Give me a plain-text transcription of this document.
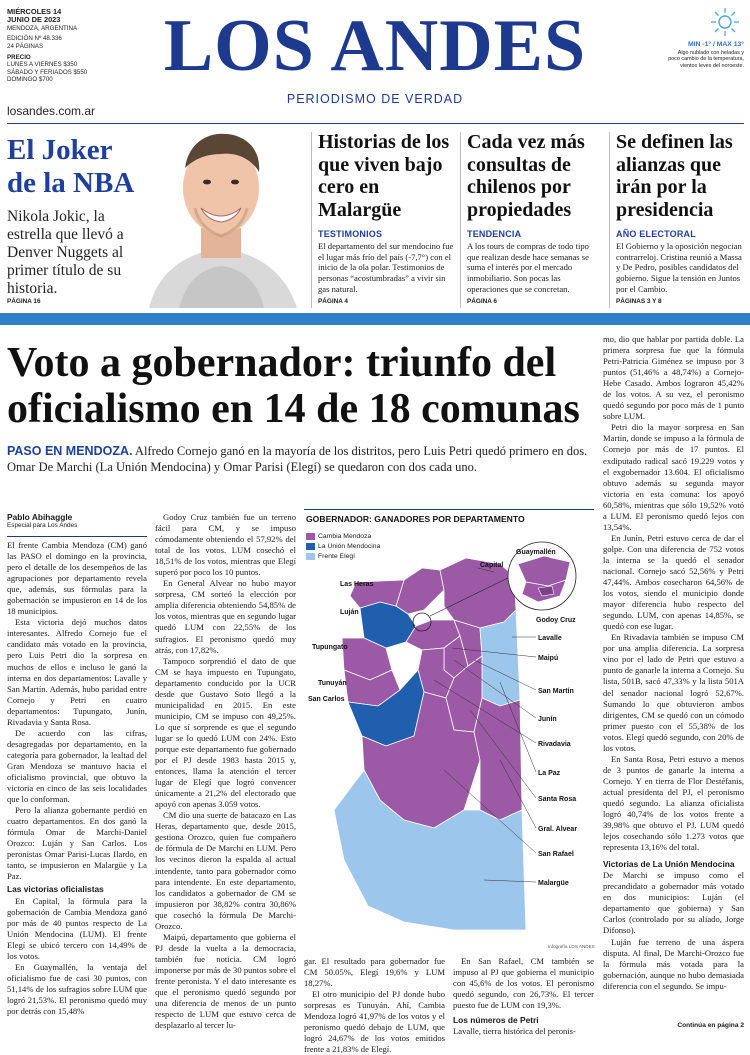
MIÉRCOLES 14
JUNIO DE 2023
MENDOZA, ARGENTINA
EDICIÓN Nº 48.336
24 PÁGINAS
PRECIO
LUNES A VIERNES $350
SÁBADO Y FERIADOS $550
DOMINGO $700
losandes.com.ar
LOS ANDES
PERIODISMO DE VERDAD
MIN -1° / MAX 13°
Algo nublado con heladas y poco cambio de la temperatura, vientos leves del noroeste.
El Joker
de la NBA
Nikola Jokic, la estrella que llevó a Denver Nuggets al primer título de su historia.
PÁGINA 16
Historias de los que viven bajo cero en Malargüe
TESTIMONIOS
El departamento del sur mendocino fue el lugar más frío del país (-7,7°) con el inicio de la ola polar. Testimonios de personas “acostumbradas” a vivir sin gas natural.
PÁGINA 4
Cada vez más consultas de chilenos por propiedades
TENDENCIA
A los tours de compras de todo tipo que realizan desde hace semanas se suma el interés por el mercado inmobiliario. Son pocas las operaciones que se concretan.
PÁGINA 6
Se definen las alianzas que irán por la presidencia
AÑO ELECTORAL
El Gobierno y la oposición negocian contrarreloj. Cristina reunió a Massa y De Pedro, posibles candidatos del gobierno. Sigue la tensión en Juntos por el Cambio.
PÁGINAS 3 Y 8
Voto a gobernador: triunfo del
oficialismo en 14 de 18 comunas
PASO EN MENDOZA. Alfredo Cornejo ganó en la mayoría de los distritos, pero Luis Petri quedó primero en dos. Omar De Marchi (La Unión Mendocina) y Omar Parisi (Elegí) se quedaron con dos cada uno.
Pablo Abihaggle
Especial para Los Andes

El frente Cambia Mendoza (CM) ganó las PASO el domingo en la provincia, pero el detalle de los desempeños de las agrupaciones por departamento revela que, además, sus fórmulas para la gobernación se impusieron en 14 de los 18 municipios.

Esta victoria dejó muchos datos interesantes. Alfredo Cornejo fue el candidato más votado en la provincia, pero Luis Petri dio la sorpresa en muchos de ellos e incluso le ganó la interna en dos departamentos: Lavalle y San Martín. Además, hubo paridad entre Cornejo y Petri en cuatro departamentos: Tupungato, Junín, Rivadavia y Santa Rosa.

De acuerdo con las cifras, desagregadas por departamento, en la categoría para gobernador, la lealtad del Gran Mendoza se mantuvo hacia el oficialismo provincial, que obtuvo la victoria en cinco de las seis localidades que lo conforman.

Pero la alianza gobernante perdió en cuatro departamentos. En dos ganó la fórmula Omar de Marchi-Daniel Orozco: Luján y San Carlos. Los peronistas Omar Parisi-Lucas Ilardo, en tanto, se impusieron en Malargüe y La Paz.

Las victorias oficialistas

En Capital, la fórmula para la gobernación de Cambia Mendoza ganó por más de 40 puntos respecto de La Unión Mendocina (LUM). El frente Elegí se ubicó tercero con 14,49% de los votos.

En Guaymallén, la ventaja del oficialismo fue de casi 30 puntos, con 51,14% de los sufragios sobre LUM que logró 21,53%. El peronismo quedó muy por detrás con 15,48%

Godoy Cruz también fue un terreno fácil para CM, y se impuso cómodamente obteniendo el 57,92% del total de los votos. LUM cosechó el 18,51% de los votos, mientras que Elegí superó por poco los 10 puntos.

En General Alvear no hubo mayor sorpresa, CM sorteó la elección por amplia diferencia obteniendo 54,85% de los votos, mientras que en segundo lugar quedó LUM con 22,55% de los sufragios. El peronismo quedó muy atrás, con 17,82%.

Tampoco sorprendió el dato de que CM se haya impuesto en Tupungato, departamento conducido por la UCR desde que Gustavo Soto llegó a la municipalidad en 2015. En este municipio, CM se impuso con 49,25%. Lo que sí sorprende es que el segundo lugar se lo quedó LUM con 24%. Esto porque este departamento fue gobernado por el PJ desde 1983 hasta 2015 y, entonces, llama la atención el tercer lugar de Elegí que logró convencer únicamente a 21,2% del electorado que apoyó con apenas 3.059 votos.

CM dio una suerte de batacazo en Las Heras, departamento que, desde 2015, gestiona Orozco, quien fue compañero de fórmula de De Marchi en LUM. Pero los vecinos dieron la espalda al actual intendente, tanto para gobernador como para intendente. En este departamento, los candidatos a gobernador de CM se impusieron por 38,82% contra 30,86% que cosechó la fórmula De Marchi-Orozco.

Maipú, departamento que gobierna el PJ desde la vuelta a la democracia, también fue noticia. CM logró imponerse por más de 30 puntos sobre el frente peronista. Y el dato interesante es que el peronismo quedó segundo por una diferencia de menos de un punto respecto de LUM que estuvo cerca de desplazarlo al tercer lu-

GOBERNADOR: GANADORES POR DEPARTAMENTO
Cambia Mendoza
La Unión Mendocina
Frente Elegí
Las Heras
Luján
Tupungato
Tunuyán
San Carlos
Capital
Guaymallén
Godoy Cruz
Lavalle
Maipú
San Martín
Junín
Rivadavia
La Paz
Santa Rosa
Gral. Alvear
San Rafael
Malargüe
Infografía LOS ANDES

gar. El resultado para gobernador fue CM 50.05%, Elegí 19,6% y LUM 18,27%.

El otro municipio del PJ donde hubo sorpresas es Tunuyán. Ahí, Cambia Mendoza logró 41,97% de los votos y el peronismo quedó debajo de LUM, que logró 24,67% de los votos emitidos frente a 21,83% de Elegí.

En San Rafael, CM también se impuso al PJ que gobierna el municipio con 45,6% de los votos. El peronismo quedó segundo, con 26,73%. El tercer puesto fue de LUM con 19,3%.

Los números de Petri

Lavalle, tierra histórica del peronis-

mo, dio que hablar por partida doble. La primera sorpresa fue que la fórmula Petri-Patricia Giménez se impuso por 3 puntos (51,46% a 48,74%) a Cornejo-Hebe Casado. Ambos lograron 45,42% de los votos. A su vez, el peronismo quedó segundo por poco más de 1 punto sobre LUM.

Petri dio la mayor sorpresa en San Martín, donde se impuso a la fórmula de Cornejo por más de 17 puntos. El exdiputado radical sacó 19.229 votos y el exgobernador 13.604. El oficialismo obtuvo además su segunda mayor victoria en esta comuna: los apoyó 60,58%, mientras que sólo 19,52% votó a LUM. El peronismo quedó lejos con 13,54%.

En Junín, Petri estuvo cerca de dar el golpe. Con una diferencia de 752 votos la interna se la quedó el senador nacional. Cornejo sacó 52,56% y Petri 47,44%. Ambos cosecharon 64,56% de los votos, siendo el municipio donde mayor diferencia hubo respecto del segundo. LUM, con apenas 14,85%, se quedó con ese lugar.

En Rivadavia también se impuso CM por una amplia diferencia. La sorpresa vino por el lado de Petri que estuvo a punto de ganarle la interna a Cornejo. Su lista, 501B, sacó 47,33% y la lista 501A del senador nacional logró 52,67%. Sumando lo que obtuvieron ambos dirigentes, CM se quedó con un cómodo primer puesto con el 55,38% de los votos. Elegí quedó segundo, con 20% de los votos.

En Santa Rosa, Petri estuvo a menos de 3 puntos de ganarle la interna a Cornejo. Y en tierra de Flor Destéfanis, actual presidenta del PJ, el peronismo quedó segundo. La alianza oficialista logró 40,74% de los votos frente a 39,98% que obtuvo el PJ. LUM quedó lejos cosechando sólo 1.273 votos que representa 13,16% del total.

Victorias de La Unión Mendocina

De Marchi se impuso como el precandidato a gobernador más votado en dos municipios: Luján (el departamento que gobierna) y San Carlos (controlado por su aliado, Jorge Difonso).

Luján fue terreno de una áspera disputa. Al final, De Marchi-Orozco fue la fórmula más votada para la gobernación, aunque no hubo demasiada diferencia con el segundo. Se impu-

Continúa en página 2
